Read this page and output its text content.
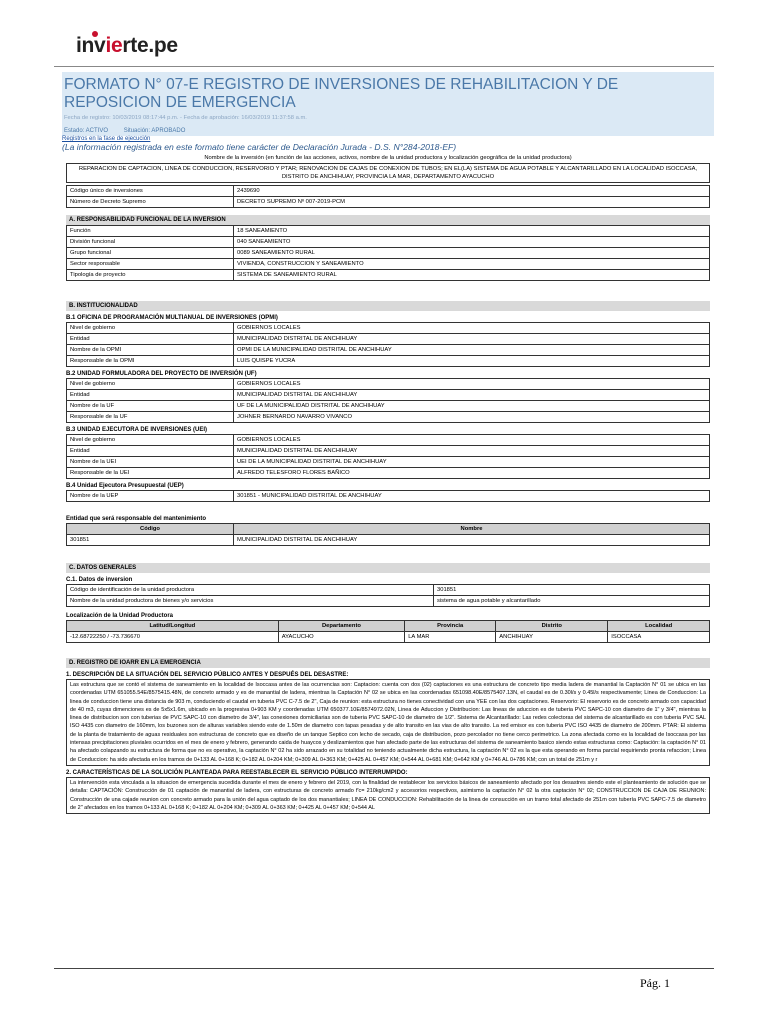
invierte.pe
FORMATO N° 07-E REGISTRO DE INVERSIONES DE REHABILITACION Y DE REPOSICION DE EMERGENCIA
Fecha de registro: 10/03/2019 08:17:44 p.m. - Fecha de aprobación: 16/03/2019 11:37:58 a.m.
Estado: ACTIVO	Situación: APROBADO
Registros en la fase de ejecución
(La información registrada en este formato tiene carácter de Declaración Jurada - D.S. N°284-2018-EF)
Nombre de la inversión (en función de las acciones, activos, nombre de la unidad productora y localización geográfica de la unidad productora)
REPARACION DE CAPTACION, LINEA DE CONDUCCION, RESERVORIO Y PTAR; RENOVACION DE CAJAS DE CONEXION DE TUBOS; EN EL(LA) SISTEMA DE AGUA POTABLE Y ALCANTARILLADO EN LA LOCALIDAD ISOCCASA, DISTRITO DE ANCHIHUAY, PROVINCIA LA MAR, DEPARTAMENTO AYACUCHO
Código único de inversiones	2439690
Número de Decreto Supremo	DECRETO SUPREMO Nº 007-2019-PCM
A. RESPONSABILIDAD FUNCIONAL DE LA INVERSION
Función	18 SANEAMIENTO
División funcional	040 SANEAMIENTO
Grupo funcional	0089 SANEAMIENTO RURAL
Sector responsable	VIVIENDA, CONSTRUCCION Y SANEAMIENTO
Tipología de proyecto	SISTEMA DE SANEAMIENTO RURAL
B. INSTITUCIONALIDAD
B.1 OFICINA DE PROGRAMACIÓN MULTIANUAL DE INVERSIONES (OPMI)
Nivel de gobierno	GOBIERNOS LOCALES
Entidad	MUNICIPALIDAD DISTRITAL DE ANCHIHUAY
Nombre de la OPMI	OPMI DE LA MUNICIPALIDAD DISTRITAL DE ANCHIHUAY
Responsable de la OPMI	LUIS QUISPE YUCRA
B.2 UNIDAD FORMULADORA DEL PROYECTO DE INVERSIÓN (UF)
Nivel de gobierno	GOBIERNOS LOCALES
Entidad	MUNICIPALIDAD DISTRITAL DE ANCHIHUAY
Nombre de la UF	UF DE LA MUNICIPALIDAD DISTRITAL DE ANCHIHUAY
Responsable de la UF	JOHNER BERNARDO NAVARRO VIVANCO
B.3 UNIDAD EJECUTORA DE INVERSIONES (UEI)
Nivel de gobierno	GOBIERNOS LOCALES
Entidad	MUNICIPALIDAD DISTRITAL DE ANCHIHUAY
Nombre de la UEI	UEI DE LA MUNICIPALIDAD DISTRITAL DE ANCHIHUAY
Responsable de la UEI	ALFREDO TELESFORO FLORES BAÑICO
B.4 Unidad Ejecutora Presupuestal (UEP)
Nombre de la UEP	301851 - MUNICIPALIDAD DISTRITAL DE ANCHIHUAY
Entidad que será responsable del mantenimiento
Código	Nombre
301851	MUNICIPALIDAD DISTRITAL DE ANCHIHUAY
C. DATOS GENERALES
C.1. Datos de inversion
Código de identificación de la unidad productora	301851
Nombre de la unidad productora de bienes y/o servicios	sistema de agua potable y alcantarillado
Localización de la Unidad Productora
Latitud/Longitud	Departamento	Provincia	Distrito	Localidad
-12.68722250 / -73.736670	AYACUCHO	LA MAR	ANCHIHUAY	ISOCCASA
D. REGISTRO DE IOARR EN LA EMERGENCIA
1. DESCRIPCIÓN DE LA SITUACIÓN DEL SERVICIO PÚBLICO ANTES Y DESPUÉS DEL DESASTRE:
Las estructura que se contó el sistema de saneamiento en la localidad de Isoccasa antes de las ocurrencias son: Captacion: cuenta con dos (02) captaciones es una estructura de concreto tipo media ladera de manantial la Captación N° 01 se ubica en las coordenadas UTM 651055.54E/8575415.48N, de concreto armado y es de manantial de ladera, mientras la Captación N° 02 se ubica en las coordenadas 651098.40E/8575407.13N, el caudal es de 0.30l/s y 0.45l/s respectivamente; Linea de Conduccion: La linea de conduccion tiene una distancia de 903 m, conduciendo el caudal en tuberia PVC C-7.5 de 2", Caja de reunion: esta estructura no tienes conectividad con una YEE con las dos captaciones. Reservorio: El reservorio es de concreto armado con capacidad de 40 m3, cuyas dimenciones es de 5x5x1.6m, ubicado en la progresiva 0+903 KM y coordenadas UTM 650377.10E/8574972.02N, Linea de Aduccion y Distribucion: Las lineas de aduccion es de tuberia PVC SAPC-10 con diametro de 1" y 3/4", mientras la linea de distribucion son con tuberias de PVC SAPC-10 con diametro de 3/4", las conexiones domiciliarias son de tuberia PVC SAPC-10 de diametro de 1/2". Sistema de Alcantarillado: Las redes colectoras del sistema de alcantarillado es con tuberia PVC SAL ISO 4435 con diametro de 160mm, los buzones son de alturas variables siendo este de 1.50m de diametro con tapas pesadas y de alto transito en las vias de alto transito. La red emisor es con tuberia PVC ISO 4435 de diametro de 200mm. PTAR: El sistema de la planta de tratamiento de aguas residuales son estructuras de concreto que es diseño de un tanque Septico con lecho de secado, caja de distribucion, pozo percolador no tiene cerco perimetrico. La zona afectada como es la localidad de Isoccasa por las intensas precipitaciones pluviales ocurridos en el mes de enero y febrero, generando caida de huaycos y deslizamientos que han afectado parte de las estructuras del sistema de saneamiento basico siendo estas estructuras como: Captación: la captación N° 01 ha afectado colapzando su estructura de forma que no es operativo, la captación N° 02 ha sido arrazado en su totalidad no teniendo actualmente dicha estructura, la captación N° 02 es la que esta operando en forma parcial requiriendo pronta refaccion; Linea de Conduccion: ha sido afectada en los tramos de 0+133 AL 0+168 K; 0+182 AL 0+204 KM; 0+309 AL 0+363 KM; 0+425 AL 0+457 KM; 0+544 AL 0+681 KM; 0+642 KM y 0+746 AL 0+786 KM; con un total de 251m y r
2. CARACTERÍSTICAS DE LA SOLUCIÓN PLANTEADA PARA REESTABLECER EL SERVICIO PÚBLICO INTERRUMPIDO:
La intervención esta vinculada a la situacion de emergencia sucedida durante el mes de enero y febrero del 2019, con la finalidad de restablecer los servicios básicos de saneamiento afectado por los desastres siendo este el planteamiento de solución que se detalla: CAPTACIÓN: Construcción de 01 captación de manantial de ladera, con estructuras de concreto armado f'c= 210kg/cm2 y accesorios respectivos, asimismo la captación N° 02 la otra captación N° 02; CONSTRUCCION DE CAJA DE REUNION: Construcción de una cajade reunion con concreto armado para la unión del agua captado de los dos manantiales; LINEA DE CONDUCCION: Rehabilitación de la linea de consucción en un tramo total afectado de 251m con tubería PVC SAPC-7.5 de diametro de 2" afectados en los tramos 0+133 AL 0+168 K; 0+182 AL 0+204 KM; 0+309 AL 0+363 KM; 0+425 AL 0+457 KM; 0+544 AL
Pág. 1
